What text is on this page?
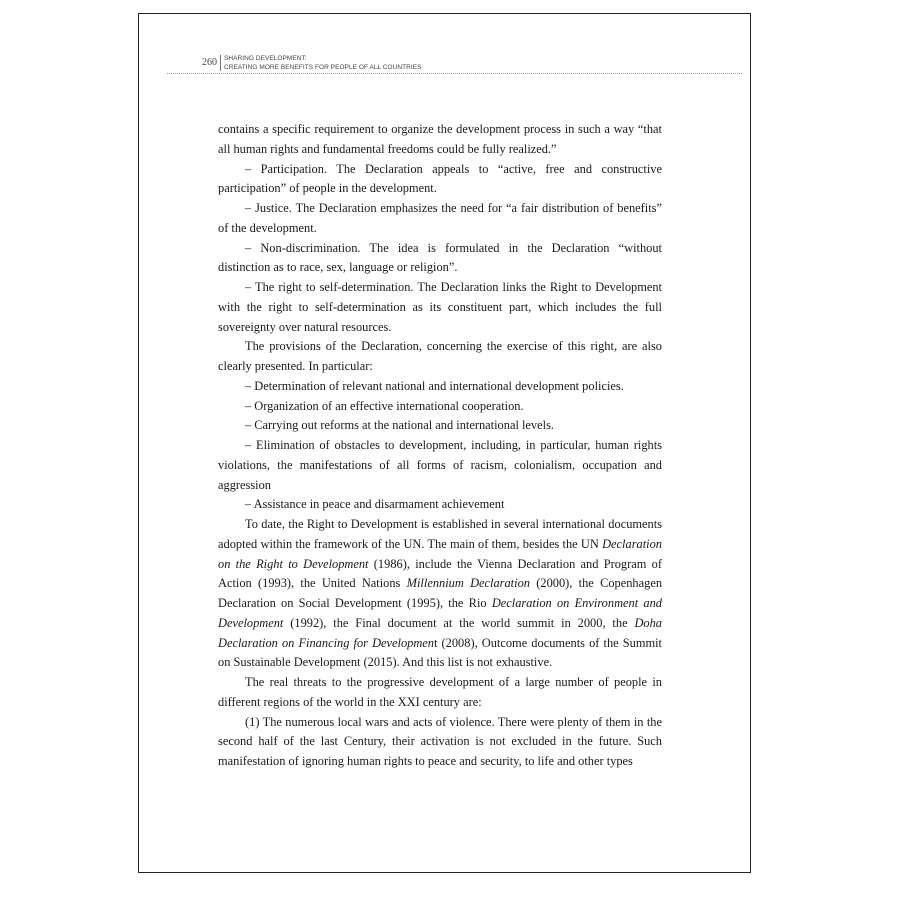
260 SHARING DEVELOPMENT:
CREATING MORE BENEFITS FOR PEOPLE OF ALL COUNTRIES

contains a specific requirement to organize the development process in such a way “that all human rights and fundamental freedoms could be fully realized.”

– Participation. The Declaration appeals to “active, free and constructive participation” of people in the development.

– Justice. The Declaration emphasizes the need for “a fair distribution of benefits” of the development.

– Non-discrimination. The idea is formulated in the Declaration “without distinction as to race, sex, language or religion”.

– The right to self-determination. The Declaration links the Right to Development with the right to self-determination as its constituent part, which includes the full sovereignty over natural resources.

The provisions of the Declaration, concerning the exercise of this right, are also clearly presented. In particular:

– Determination of relevant national and international development policies.

– Organization of an effective international cooperation.

– Carrying out reforms at the national and international levels.

– Elimination of obstacles to development, including, in particular, human rights violations, the manifestations of all forms of racism, colonialism, occupation and aggression

– Assistance in peace and disarmament achievement

To date, the Right to Development is established in several international documents adopted within the framework of the UN. The main of them, besides the UN Declaration on the Right to Development (1986), include the Vienna Declaration and Program of Action (1993), the United Nations Millennium Declaration (2000), the Copenhagen Declaration on Social Development (1995), the Rio Declaration on Environment and Development (1992), the Final document at the world summit in 2000, the Doha Declaration on Financing for Development (2008), Outcome documents of the Summit on Sustainable Development (2015). And this list is not exhaustive.

The real threats to the progressive development of a large number of people in different regions of the world in the XXI century are:

(1) The numerous local wars and acts of violence. There were plenty of them in the second half of the last Century, their activation is not excluded in the future. Such manifestation of ignoring human rights to peace and security, to life and other types
